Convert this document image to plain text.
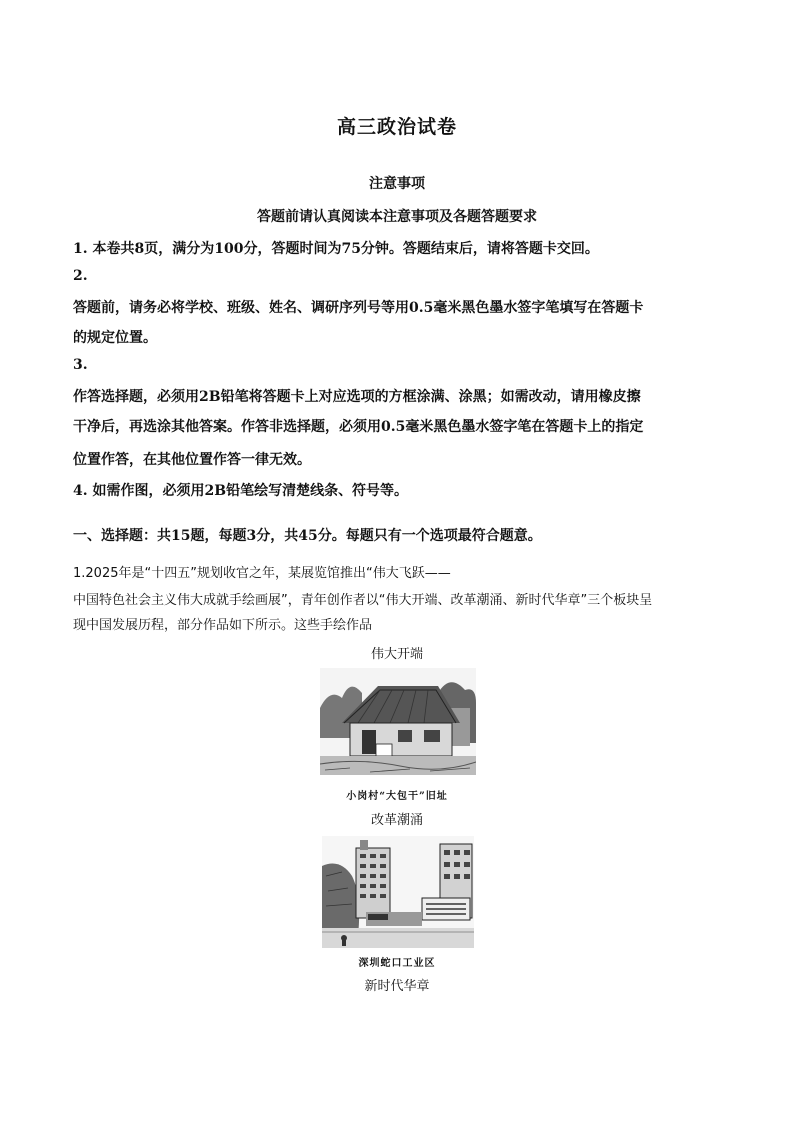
高三政治试卷
注意事项
答题前请认真阅读本注意事项及各题答题要求
1. 本卷共8页，满分为100分，答题时间为75分钟。答题结束后，请将答题卡交回。
2.
答题前，请务必将学校、班级、姓名、调研序列号等用0.5毫米黑色墨水签字笔填写在答题卡
的规定位置。
3.
作答选择题，必须用2B铅笔将答题卡上对应选项的方框涂满、涂黑；如需改动，请用橡皮擦
干净后，再选涂其他答案。作答非选择题，必须用0.5毫米黑色墨水签字笔在答题卡上的指定
位置作答，在其他位置作答一律无效。
4. 如需作图，必须用2B铅笔绘写清楚线条、符号等。
一、选择题：共15题，每题3分，共45分。每题只有一个选项最符合题意。
1.2025年是“十四五”规划收官之年，某展览馆推出“伟大飞跃——
中国特色社会主义伟大成就手绘画展”，青年创作者以“伟大开端、改革潮涌、新时代华章”三个板块呈
现中国发展历程，部分作品如下所示。这些手绘作品
伟大开端
小岗村“大包干”旧址
改革潮涌
深圳蛇口工业区
新时代华章
